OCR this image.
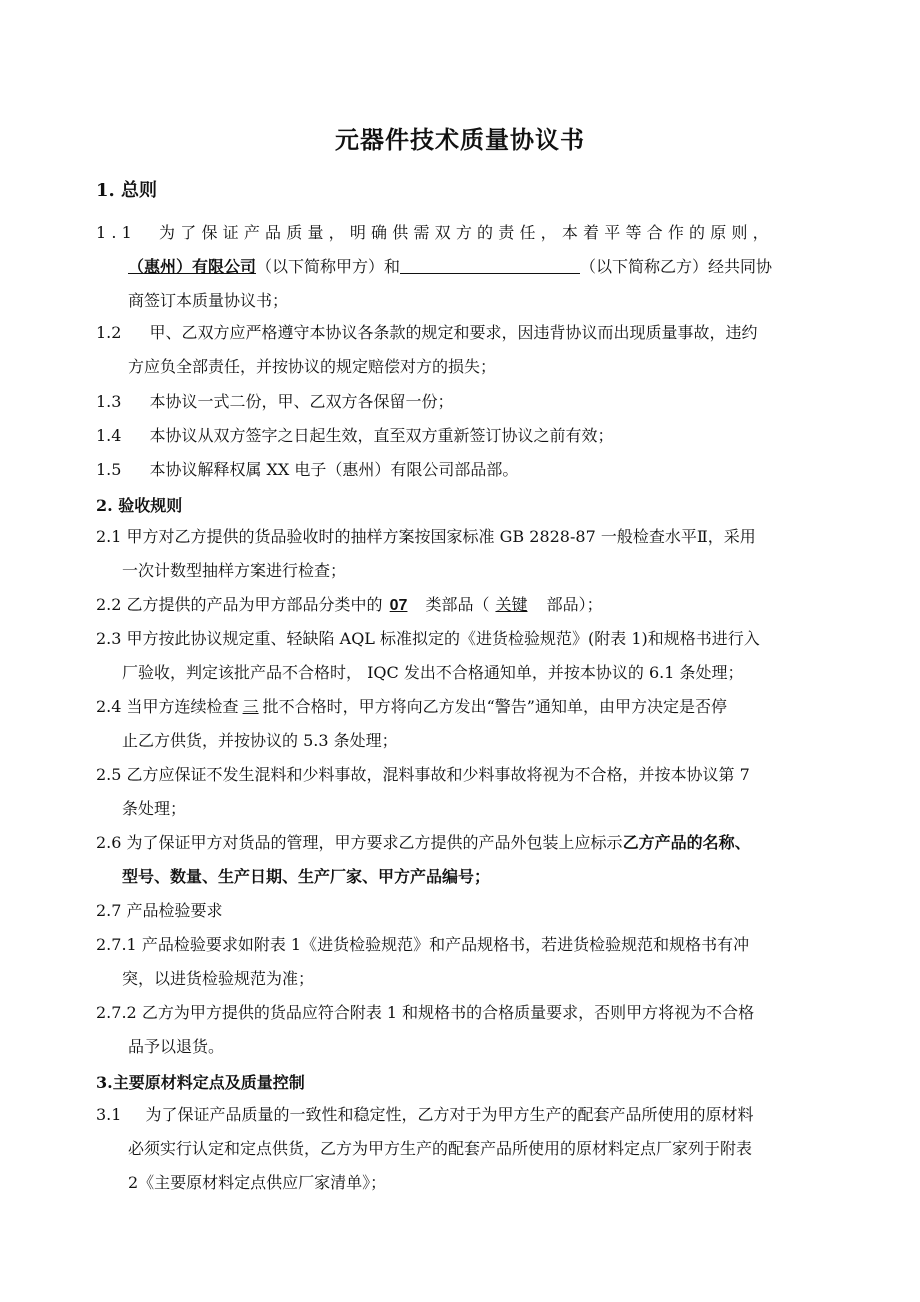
元器件技术质量协议书
1. 总则
1.1 为了保证产品质量，明确供需双方的责任，本着平等合作的原则，
（惠州）有限公司（以下简称甲方）和	（以下简称乙方）经共同协
商签订本质量协议书；
1.2 甲、乙双方应严格遵守本协议各条款的规定和要求，因违背协议而出现质量事故，违约
方应负全部责任，并按协议的规定赔偿对方的损失；
1.3 本协议一式二份，甲、乙双方各保留一份；
1.4 本协议从双方签字之日起生效，直至双方重新签订协议之前有效；
1.5 本协议解释权属 XX 电子（惠州）有限公司部品部。
2. 验收规则
2.1 甲方对乙方提供的货品验收时的抽样方案按国家标准 GB 2828-87 一般检查水平Ⅱ，采用
一次计数型抽样方案进行检查；
2.2 乙方提供的产品为甲方部品分类中的 07 类部品（ 关键 部品）；
2.3 甲方按此协议规定重、轻缺陷 AQL 标准拟定的《进货检验规范》(附表 1)和规格书进行入
厂验收，判定该批产品不合格时， IQC 发出不合格通知单，并按本协议的 6.1 条处理；
2.4 当甲方连续检查 三 批不合格时，甲方将向乙方发出“警告”通知单，由甲方决定是否停
止乙方供货，并按协议的 5.3 条处理；
2.5 乙方应保证不发生混料和少料事故，混料事故和少料事故将视为不合格，并按本协议第 7
条处理；
2.6 为了保证甲方对货品的管理，甲方要求乙方提供的产品外包装上应标示乙方产品的名称、
型号、数量、生产日期、生产厂家、甲方产品编号；
2.7 产品检验要求
2.7.1 产品检验要求如附表 1《进货检验规范》和产品规格书，若进货检验规范和规格书有冲
突，以进货检验规范为准；
2.7.2 乙方为甲方提供的货品应符合附表 1 和规格书的合格质量要求，否则甲方将视为不合格
品予以退货。
3.主要原材料定点及质量控制
3.1 为了保证产品质量的一致性和稳定性，乙方对于为甲方生产的配套产品所使用的原材料
必须实行认定和定点供货，乙方为甲方生产的配套产品所使用的原材料定点厂家列于附表
2《主要原材料定点供应厂家清单》；
